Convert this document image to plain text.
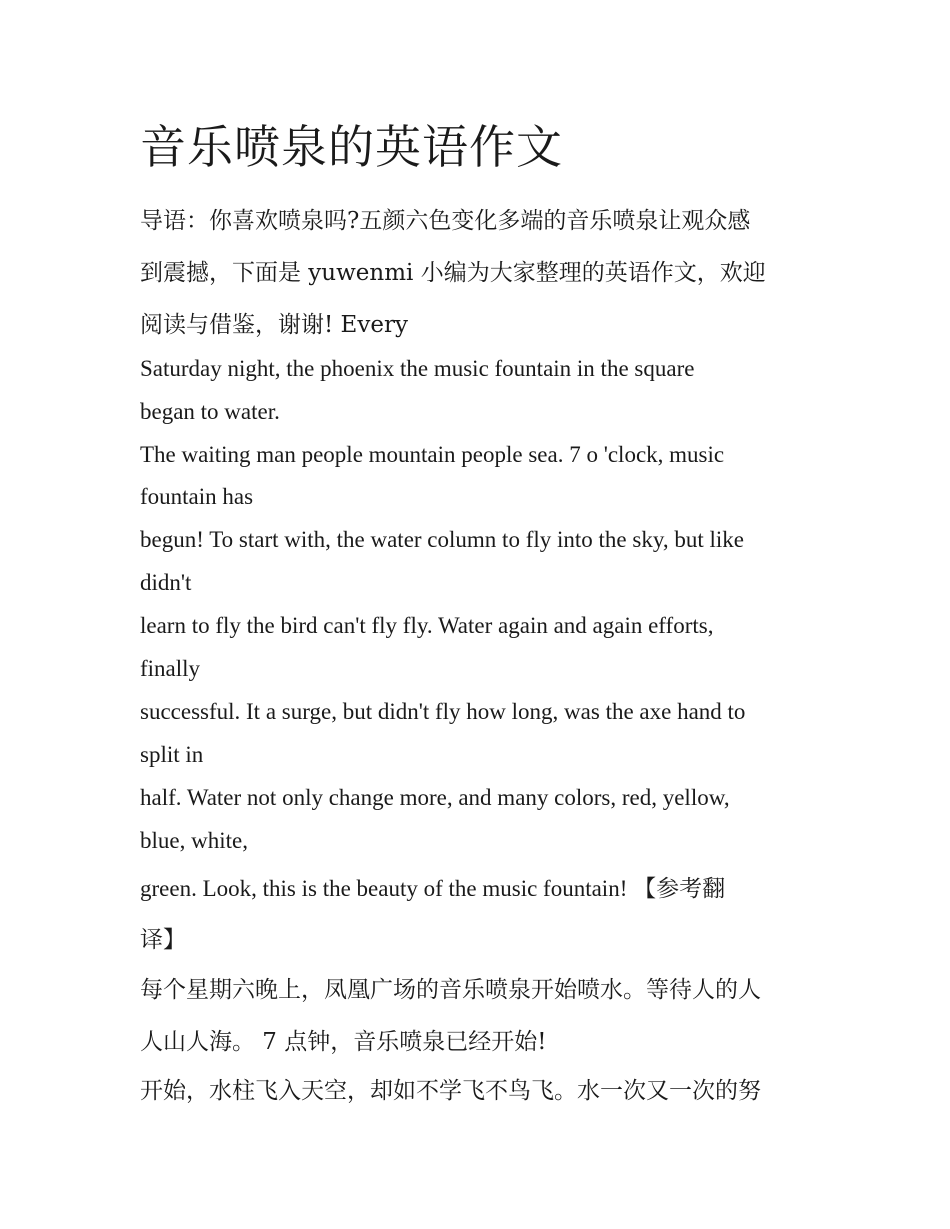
音乐喷泉的英语作文

导语：你喜欢喷泉吗?五颜六色变化多端的音乐喷泉让观众感

到震撼，下面是 yuwenmi 小编为大家整理的英语作文，欢迎

阅读与借鉴，谢谢! Every

Saturday night, the phoenix the music fountain in the square

began to water.

The waiting man people mountain people sea. 7 o 'clock, music

fountain has

begun! To start with, the water column to fly into the sky, but like

didn't

learn to fly the bird can't fly fly. Water again and again efforts,

finally

successful. It a surge, but didn't fly how long, was the axe hand to

split in

half. Water not only change more, and many colors, red, yellow,

blue, white,

green. Look, this is the beauty of the music fountain! 【参考翻

译】

每个星期六晚上，凤凰广场的音乐喷泉开始喷水。等待人的人

人山人海。 7 点钟，音乐喷泉已经开始!

开始，水柱飞入天空，却如不学飞不鸟飞。水一次又一次的努
